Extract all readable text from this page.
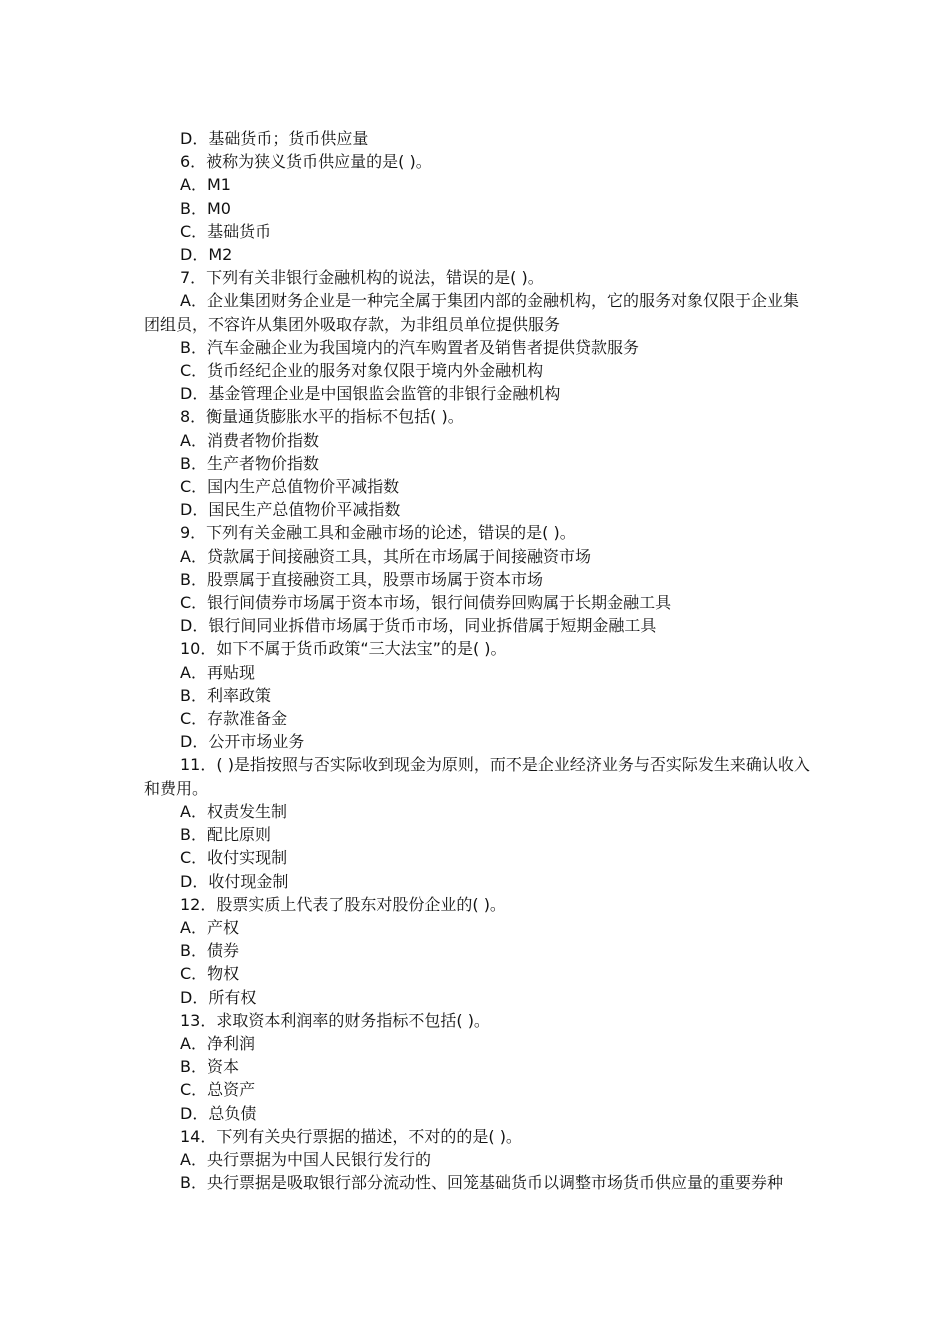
D．基础货币；货币供应量

6．被称为狭义货币供应量的是( )。

A．M1

B．M0

C．基础货币

D．M2

7．下列有关非银行金融机构的说法，错误的是( )。

A．企业集团财务企业是一种完全属于集团内部的金融机构，它的服务对象仅限于企业集团组员，不容许从集团外吸取存款，为非组员单位提供服务

B．汽车金融企业为我国境内的汽车购置者及销售者提供贷款服务

C．货币经纪企业的服务对象仅限于境内外金融机构

D．基金管理企业是中国银监会监管的非银行金融机构

8．衡量通货膨胀水平的指标不包括( )。

A．消费者物价指数

B．生产者物价指数

C．国内生产总值物价平减指数

D．国民生产总值物价平减指数

9．下列有关金融工具和金融市场的论述，错误的是( )。

A．贷款属于间接融资工具，其所在市场属于间接融资市场

B．股票属于直接融资工具，股票市场属于资本市场

C．银行间债券市场属于资本市场，银行间债券回购属于长期金融工具

D．银行间同业拆借市场属于货币市场，同业拆借属于短期金融工具

10．如下不属于货币政策“三大法宝”的是( )。

A．再贴现

B．利率政策

C．存款准备金

D．公开市场业务

11．( )是指按照与否实际收到现金为原则，而不是企业经济业务与否实际发生来确认收入和费用。

A．权责发生制

B．配比原则

C．收付实现制

D．收付现金制

12．股票实质上代表了股东对股份企业的( )。

A．产权

B．债券

C．物权

D．所有权

13．求取资本利润率的财务指标不包括( )。

A．净利润

B．资本

C．总资产

D．总负债

14．下列有关央行票据的描述，不对的的是( )。

A．央行票据为中国人民银行发行的

B．央行票据是吸取银行部分流动性、回笼基础货币以调整市场货币供应量的重要券种
